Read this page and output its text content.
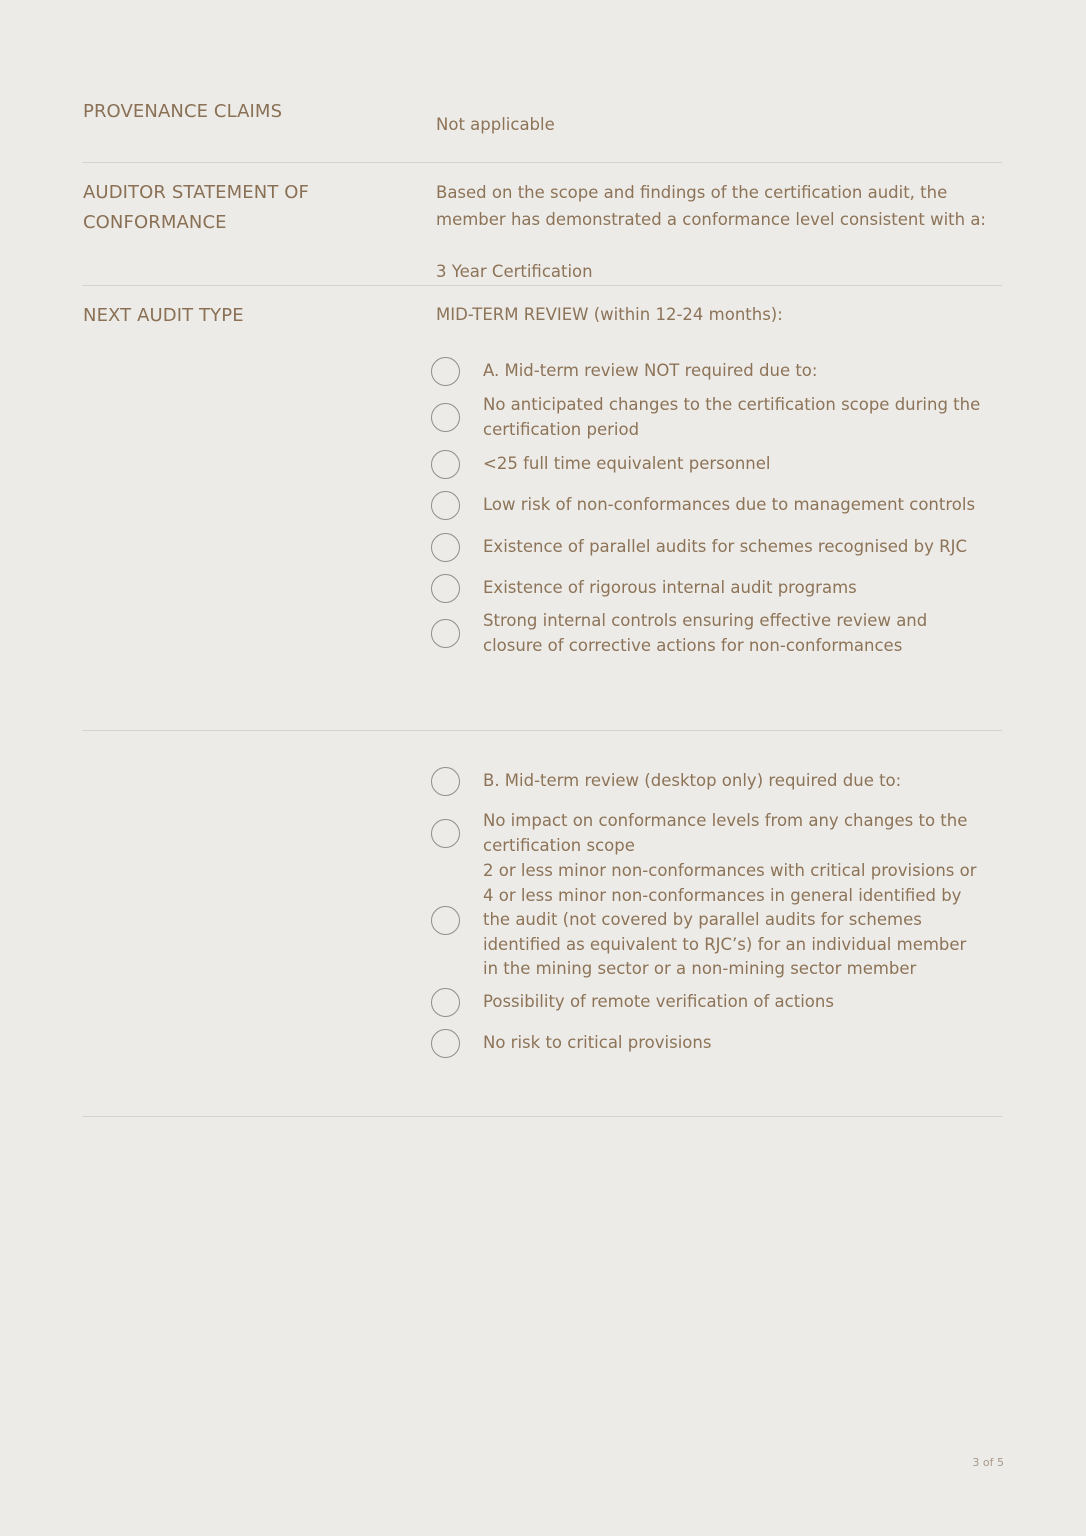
PROVENANCE CLAIMS
Not applicable
AUDITOR STATEMENT OF
CONFORMANCE
Based on the scope and findings of the certification audit, the
member has demonstrated a conformance level consistent with a:
3 Year Certification
NEXT AUDIT TYPE	MID-TERM REVIEW (within 12-24 months):
A. Mid-term review NOT required due to:
No anticipated changes to the certification scope during the
certification period
<25 full time equivalent personnel
Low risk of non-conformances due to management controls
Existence of parallel audits for schemes recognised by RJC
Existence of rigorous internal audit programs
Strong internal controls ensuring effective review and
closure of corrective actions for non-conformances
B. Mid-term review (desktop only) required due to:
No impact on conformance levels from any changes to the
certification scope
2 or less minor non-conformances with critical provisions or
4 or less minor non-conformances in general identified by
the audit (not covered by parallel audits for schemes
identified as equivalent to RJC’s) for an individual member
in the mining sector or a non-mining sector member
Possibility of remote verification of actions
No risk to critical provisions
3 of 5
